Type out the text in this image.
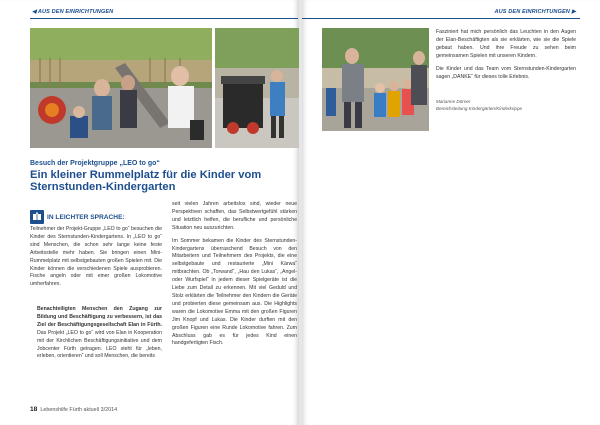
◀ AUS DEN EINRICHTUNGEN
Besuch der Projektgruppe „LEO to go“
Ein kleiner Rummelplatz für die Kinder vom Sternstunden-Kindergarten
IN LEICHTER SPRACHE:

Teilnehmer der Projekt-Gruppe „LEO to go“ besuchen die Kinder des Sternstunden-Kindergartens. In „LEO to go“ sind Menschen, die schon sehr lange keine feste Arbeitsstelle mehr haben. Sie bringen einen Mini-Rummelplatz mit selbstgebauten großen Spielen mit. Die Kinder können die verschiedenen Spiele ausprobieren. Fische angeln oder mit einer großen Lokomotive umherfahren.

Benachteiligten Menschen den Zugang zur Bildung und Beschäftigung zu verbessern, ist das Ziel der Beschäftigungsgesellschaft Elan in Fürth. Das Projekt „LEO to go“ wird von Elan in Kooperation mit der Kirchlichen Beschäftigungsinitiative und dem Jobcenter Fürth getragen. LEO steht für „leben, erleben, orientieren“ und soll Menschen, die bereits

seit vielen Jahren arbeitslos sind, wieder neue Perspektiven schaffen, das Selbstwertgefühl stärken und letztlich helfen, die berufliche und persönliche Situation neu auszurichten.

Im Sommer bekamen die Kinder des Sternstunden-Kindergartens überraschend Besuch von den Mitarbeitern und Teilnehmern des Projekts, die eine selbstgebaute und restaurierte „Mini Kärwa“ mitbrachten. Ob „Torwand“, „Hau den Lukas“, „Angel- oder Wurfspiel“ in jedem dieser Spielgeräte ist die Liebe zum Detail zu erkennen. Mit viel Geduld und Stolz erklärten die Teilnehmer den Kindern die Geräte und probierten diese gemeinsam aus. Die Highlights waren die Lokomotive Emma mit den großen Figuren Jim Knopf und Lukas. Die Kinder durften mit den großen Figuren eine Runde Lokomotive fahren. Zum Abschluss gab es für jedes Kind einen handgefertigten Fisch.

18 Lebenshilfe Fürth aktuell 3/2014
AUS DEN EINRICHTUNGEN ▶

Fasziniert hat mich persönlich das Leuchten in den Augen der Elan-Beschäftigten als sie erklärten, wie sie die Spiele gebaut haben. Und ihre Freude zu sehen beim gemeinsamen Spielen mit unseren Kindern.

Die Kinder und das Team vom Sternstunden-Kindergarten sagen „DANKE“ für dieses tolle Erlebnis.

Marianne Dörner
Bereichsleitung Kindergärten/Kinderkrippe
